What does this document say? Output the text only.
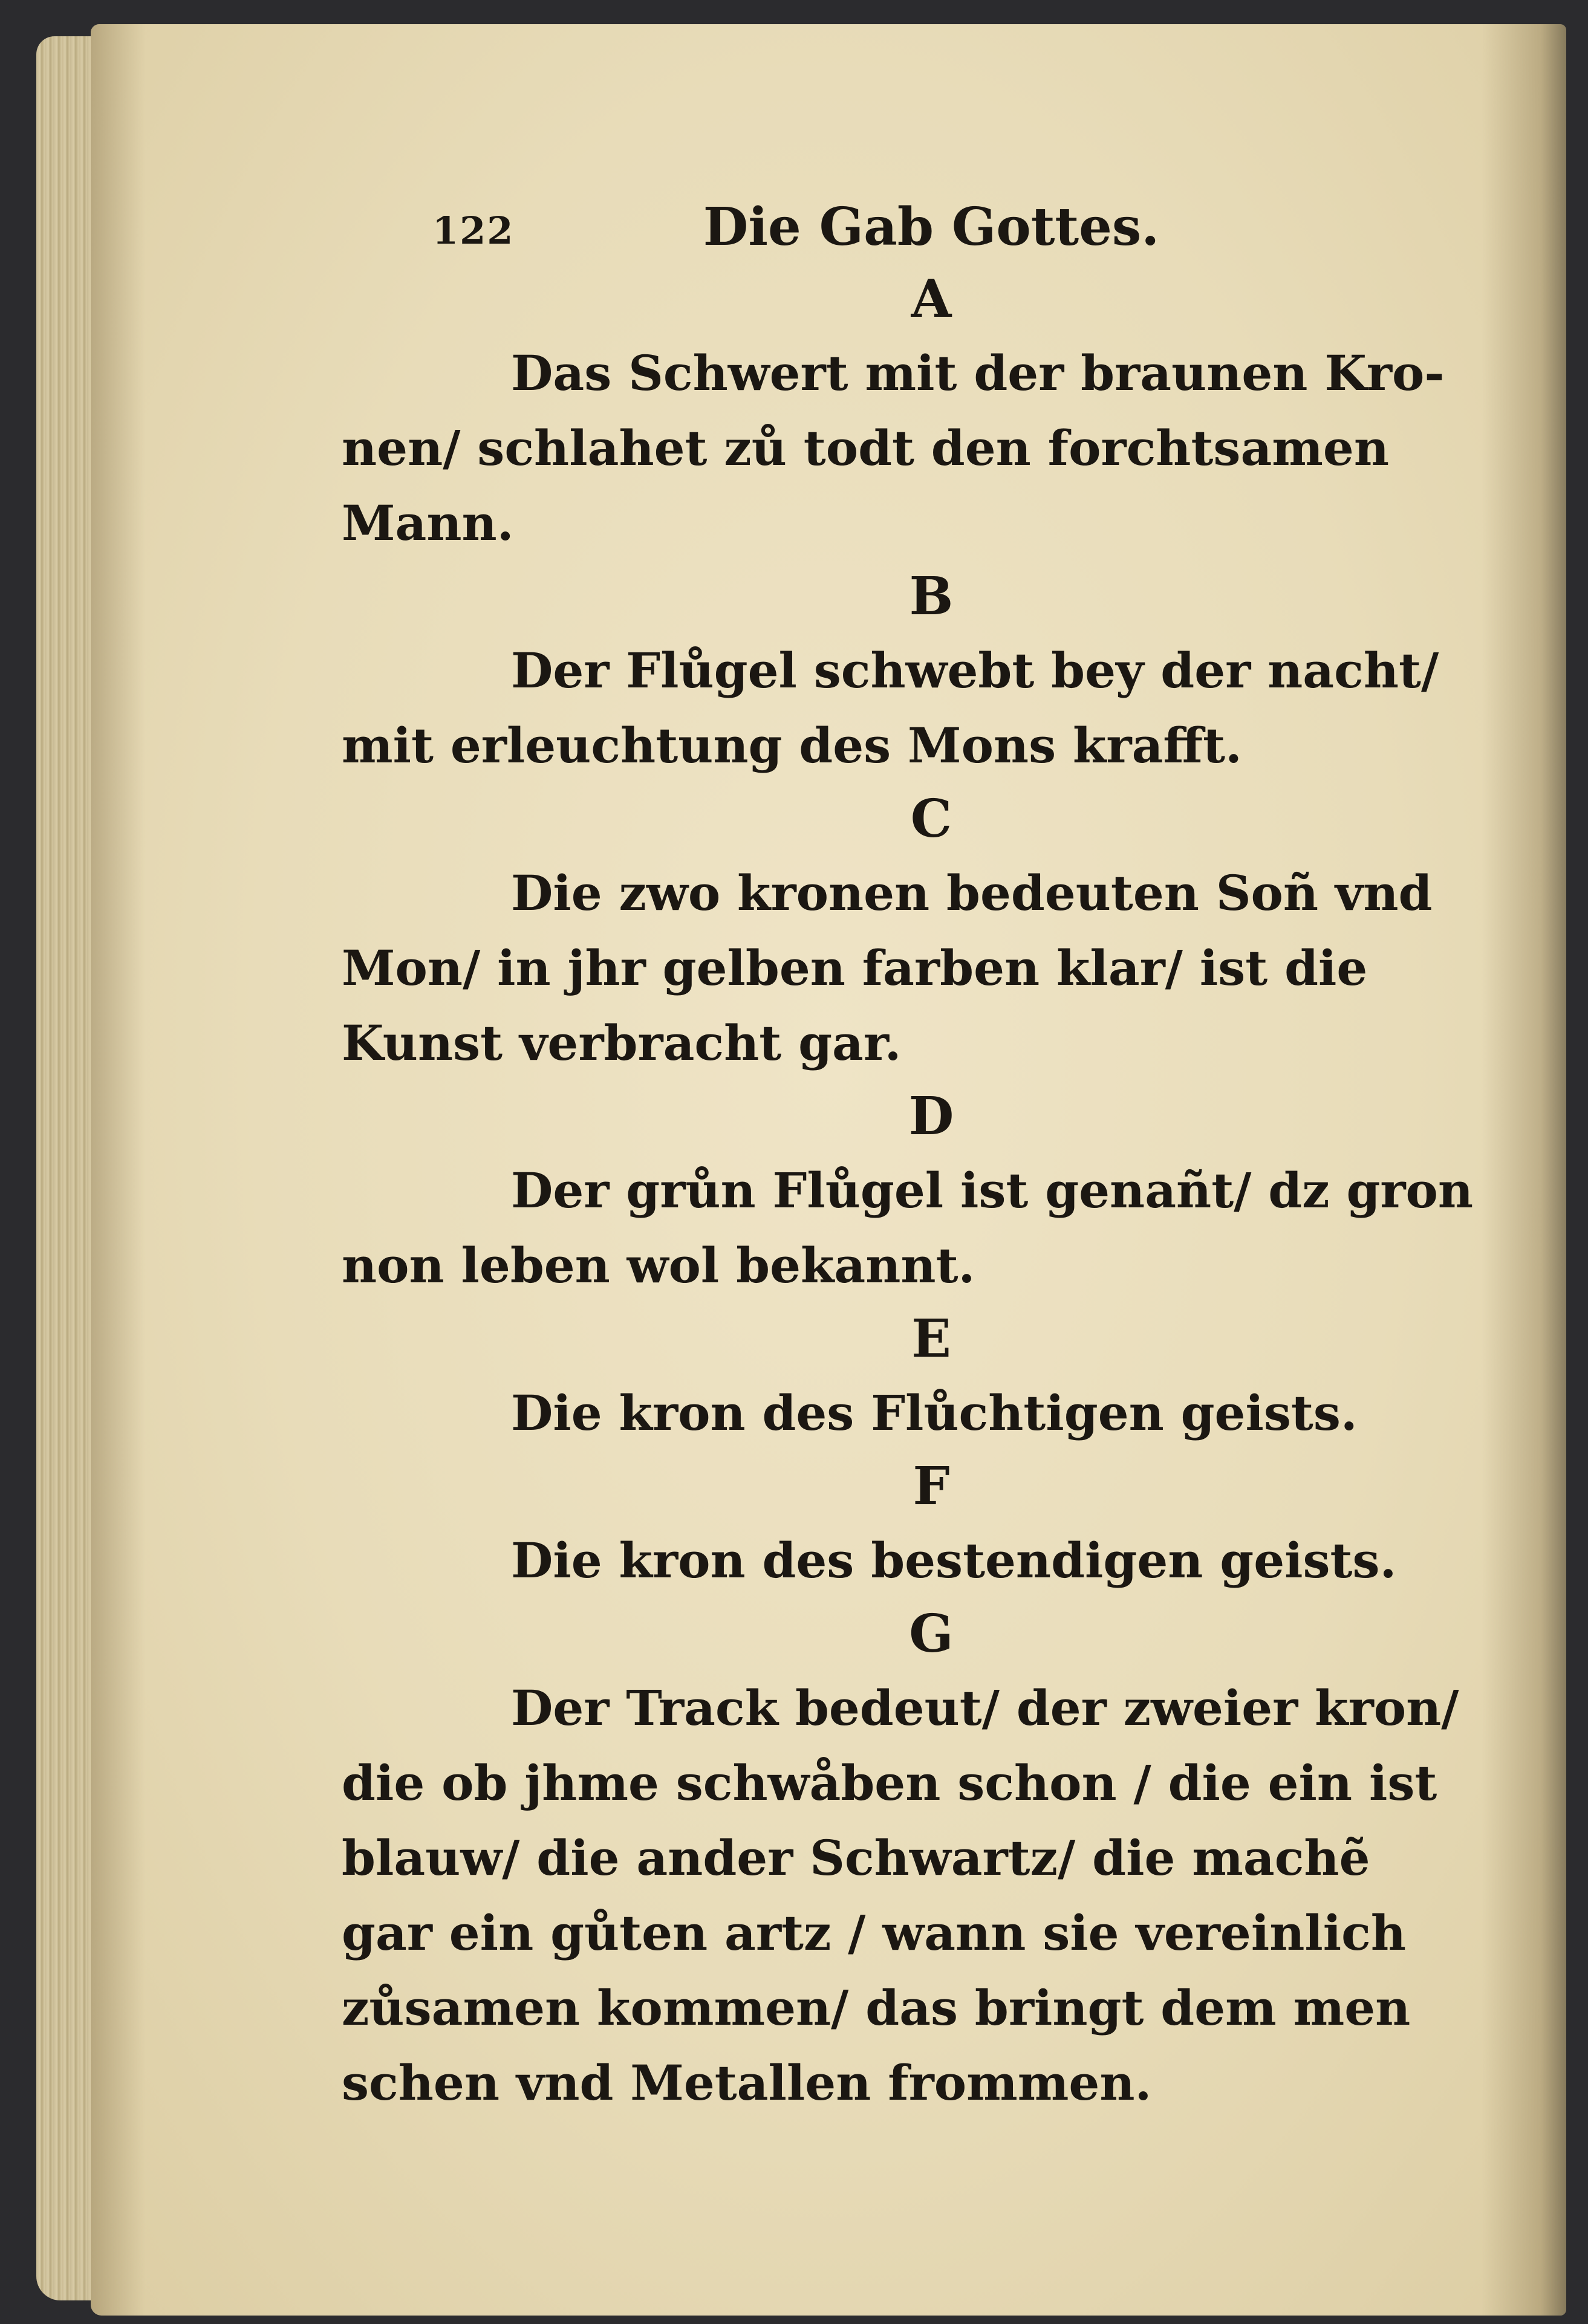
122	Die Gab Gottes.
A

Das Schwert mit der braunen Kro-
nen/ schlahet zů todt den forchtsamen
Mann.

B

Der Flůgel schwebt bey der nacht/
mit erleuchtung des Mons krafft.

C

Die zwo kronen bedeuten Soñ vnd
Mon/ in jhr gelben farben klar/ ist die
Kunst verbracht gar.

D

Der grůn Flůgel ist genañt/ dz gron
non leben wol bekannt.

E

Die kron des Flůchtigen geists.

F

Die kron des bestendigen geists.

G

Der Track bedeut/ der zweier kron/
die ob jhme schwåben schon / die ein ist
blauw/ die ander Schwartz/ die machẽ
gar ein gůten artz / wann sie vereinlich
zůsamen kommen/ das bringt dem men
schen vnd Metallen frommen.
